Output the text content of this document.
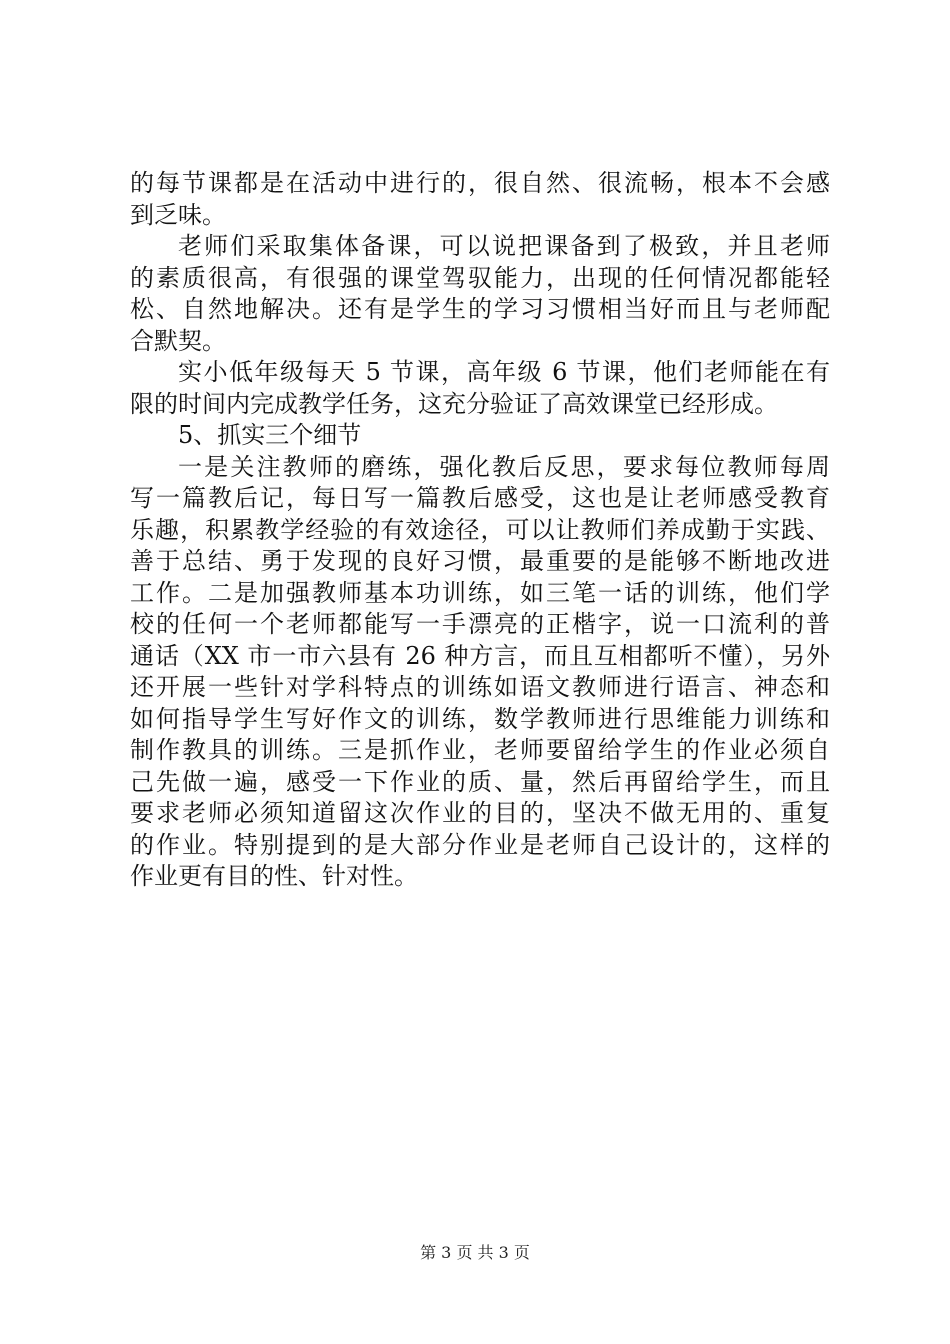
的每节课都是在活动中进行的，很自然、很流畅，根本不会感
到乏味。
老师们采取集体备课，可以说把课备到了极致，并且老师
的素质很高，有很强的课堂驾驭能力，出现的任何情况都能轻
松、自然地解决。还有是学生的学习习惯相当好而且与老师配
合默契。
实小低年级每天 5 节课，高年级 6 节课，他们老师能在有
限的时间内完成教学任务，这充分验证了高效课堂已经形成。
5、抓实三个细节
一是关注教师的磨练，强化教后反思，要求每位教师每周
写一篇教后记，每日写一篇教后感受，这也是让老师感受教育
乐趣，积累教学经验的有效途径，可以让教师们养成勤于实践、
善于总结、勇于发现的良好习惯，最重要的是能够不断地改进
工作。二是加强教师基本功训练，如三笔一话的训练，他们学
校的任何一个老师都能写一手漂亮的正楷字，说一口流利的普
通话（XX 市一市六县有 26 种方言，而且互相都听不懂），另外
还开展一些针对学科特点的训练如语文教师进行语言、神态和
如何指导学生写好作文的训练，数学教师进行思维能力训练和
制作教具的训练。三是抓作业，老师要留给学生的作业必须自
己先做一遍，感受一下作业的质、量，然后再留给学生，而且
要求老师必须知道留这次作业的目的，坚决不做无用的、重复
的作业。特别提到的是大部分作业是老师自己设计的，这样的
作业更有目的性、针对性。
第 3 页 共 3 页
